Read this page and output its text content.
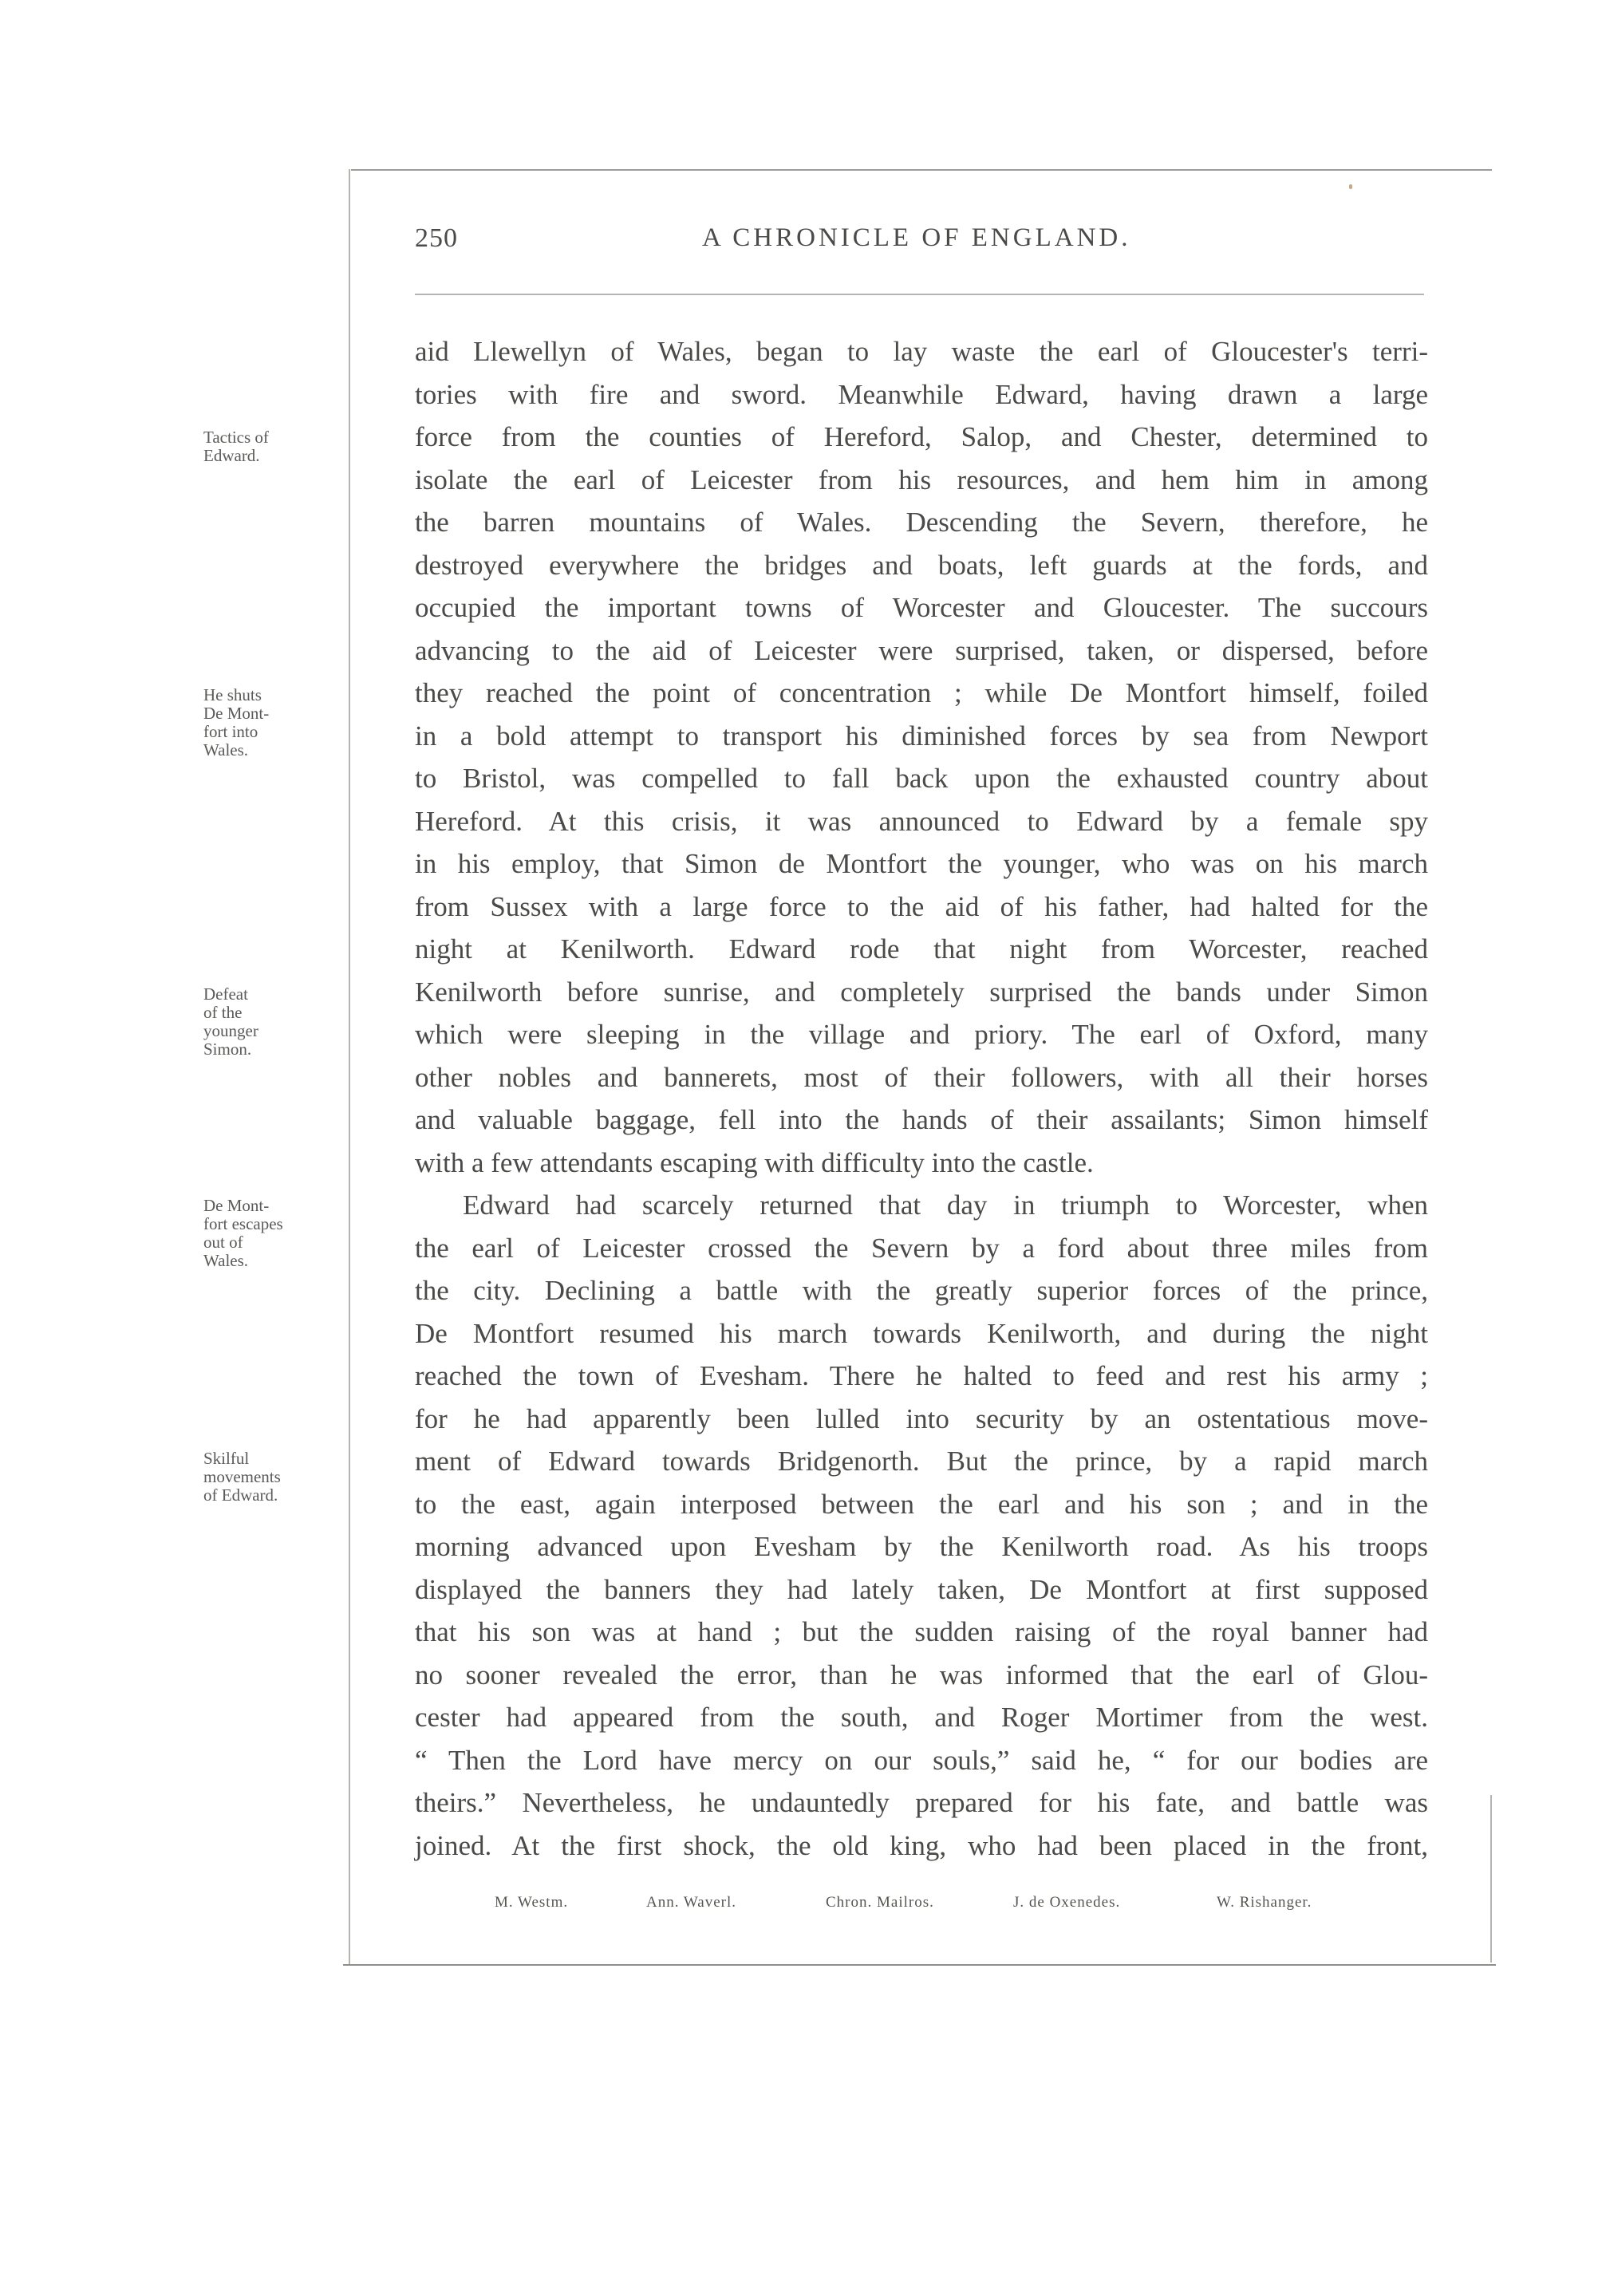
250	A CHRONICLE OF ENGLAND.
Tactics of
Edward.
He shuts
De Mont-
fort into
Wales.
Defeat
of the
younger
Simon.
De Mont-
fort escapes
out of
Wales.
Skilful
movements
of Edward.
aid Llewellyn of Wales, began to lay waste the earl of Gloucester's terri-
tories with fire and sword. Meanwhile Edward, having drawn a large
force from the counties of Hereford, Salop, and Chester, determined to
isolate the earl of Leicester from his resources, and hem him in among
the barren mountains of Wales. Descending the Severn, therefore, he
destroyed everywhere the bridges and boats, left guards at the fords, and
occupied the important towns of Worcester and Gloucester. The succours
advancing to the aid of Leicester were surprised, taken, or dispersed, before
they reached the point of concentration ; while De Montfort himself, foiled
in a bold attempt to transport his diminished forces by sea from Newport
to Bristol, was compelled to fall back upon the exhausted country about
Hereford. At this crisis, it was announced to Edward by a female spy
in his employ, that Simon de Montfort the younger, who was on his march
from Sussex with a large force to the aid of his father, had halted for the
night at Kenilworth. Edward rode that night from Worcester, reached
Kenilworth before sunrise, and completely surprised the bands under Simon
which were sleeping in the village and priory. The earl of Oxford, many
other nobles and bannerets, most of their followers, with all their horses
and valuable baggage, fell into the hands of their assailants; Simon himself
with a few attendants escaping with difficulty into the castle.
Edward had scarcely returned that day in triumph to Worcester, when
the earl of Leicester crossed the Severn by a ford about three miles from
the city. Declining a battle with the greatly superior forces of the prince,
De Montfort resumed his march towards Kenilworth, and during the night
reached the town of Evesham. There he halted to feed and rest his army ;
for he had apparently been lulled into security by an ostentatious move-
ment of Edward towards Bridgenorth. But the prince, by a rapid march
to the east, again interposed between the earl and his son ; and in the
morning advanced upon Evesham by the Kenilworth road. As his troops
displayed the banners they had lately taken, De Montfort at first supposed
that his son was at hand ; but the sudden raising of the royal banner had
no sooner revealed the error, than he was informed that the earl of Glou-
cester had appeared from the south, and Roger Mortimer from the west.
“ Then the Lord have mercy on our souls,” said he, “ for our bodies are
theirs.” Nevertheless, he undauntedly prepared for his fate, and battle was
joined. At the first shock, the old king, who had been placed in the front,
M. Westm.	Ann. Waverl.	Chron. Mailros.	J. de Oxenedes.	W. Rishanger.
